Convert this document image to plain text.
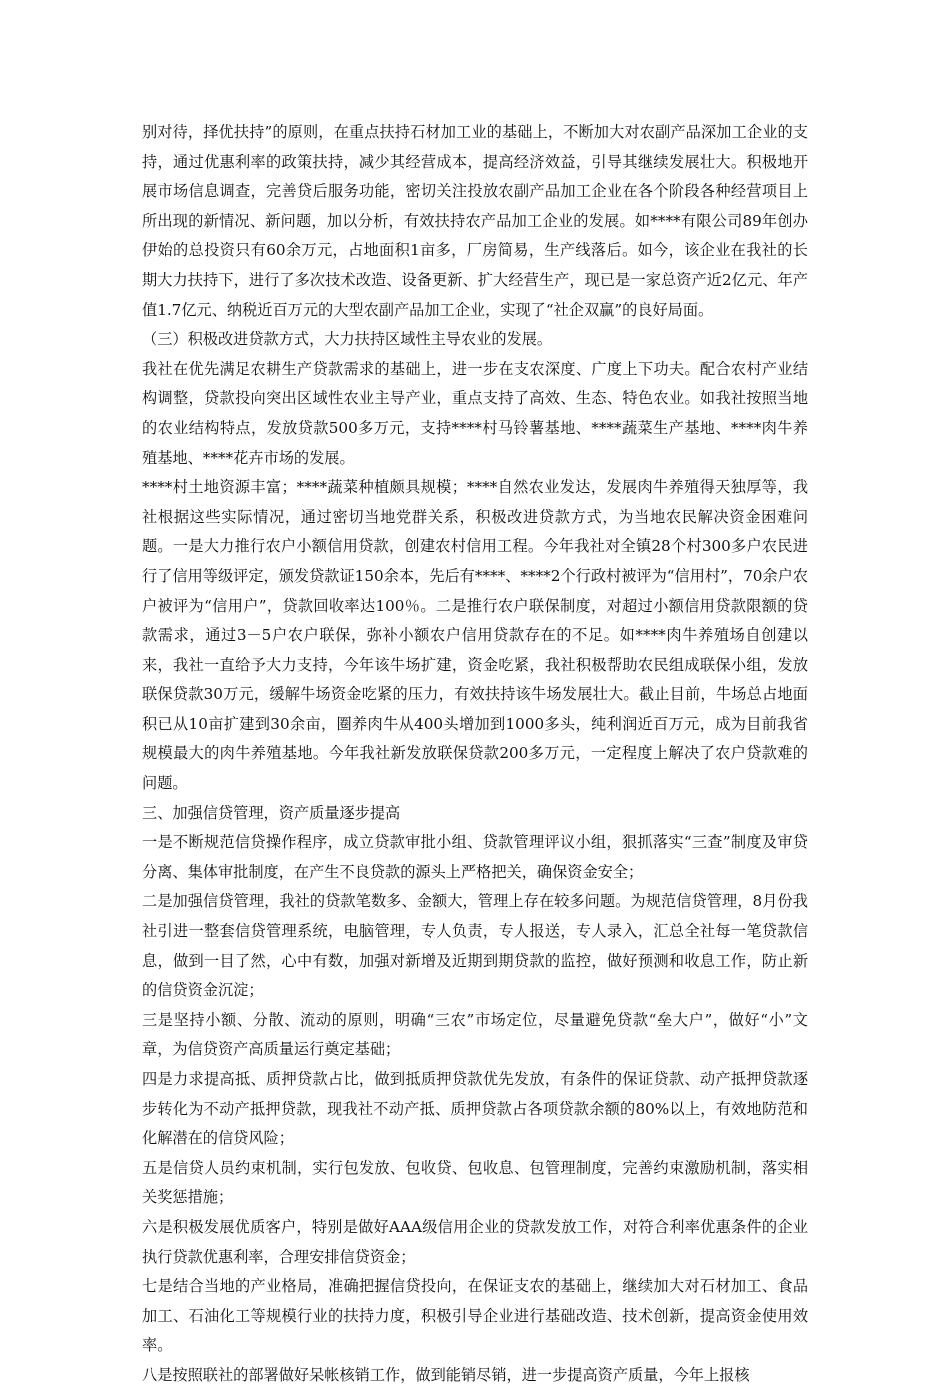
别对待，择优扶持”的原则，在重点扶持石材加工业的基础上，不断加大对农副产品深加工企业的支持，通过优惠利率的政策扶持，减少其经营成本，提高经济效益，引导其继续发展壮大。积极地开展市场信息调查，完善贷后服务功能，密切关注投放农副产品加工企业在各个阶段各种经营项目上所出现的新情况、新问题，加以分析，有效扶持农产品加工企业的发展。如****有限公司89年创办伊始的总投资只有60余万元，占地面积1亩多，厂房简易，生产线落后。如今，该企业在我社的长期大力扶持下，进行了多次技术改造、设备更新、扩大经营生产，现已是一家总资产近2亿元、年产值1.7亿元、纳税近百万元的大型农副产品加工企业，实现了“社企双赢”的良好局面。

（三）积极改进贷款方式，大力扶持区域性主导农业的发展。

我社在优先满足农耕生产贷款需求的基础上，进一步在支农深度、广度上下功夫。配合农村产业结构调整，贷款投向突出区域性农业主导产业，重点支持了高效、生态、特色农业。如我社按照当地的农业结构特点，发放贷款500多万元，支持****村马铃薯基地、****蔬菜生产基地、****肉牛养殖基地、****花卉市场的发展。

****村土地资源丰富；****蔬菜种植颇具规模；****自然农业发达，发展肉牛养殖得天独厚等，我社根据这些实际情况，通过密切当地党群关系，积极改进贷款方式，为当地农民解决资金困难问题。一是大力推行农户小额信用贷款，创建农村信用工程。今年我社对全镇28个村300多户农民进行了信用等级评定，颁发贷款证150余本，先后有****、****2个行政村被评为“信用村”，70余户农户被评为“信用户”，贷款回收率达100％。二是推行农户联保制度，对超过小额信用贷款限额的贷款需求，通过3－5户农户联保，弥补小额农户信用贷款存在的不足。如****肉牛养殖场自创建以来，我社一直给予大力支持，今年该牛场扩建，资金吃紧，我社积极帮助农民组成联保小组，发放联保贷款30万元，缓解牛场资金吃紧的压力，有效扶持该牛场发展壮大。截止目前，牛场总占地面积已从10亩扩建到30余亩，圈养肉牛从400头增加到1000多头，纯利润近百万元，成为目前我省规模最大的肉牛养殖基地。今年我社新发放联保贷款200多万元，一定程度上解决了农户贷款难的问题。

三、加强信贷管理，资产质量逐步提高

一是不断规范信贷操作程序，成立贷款审批小组、贷款管理评议小组，狠抓落实“三查”制度及审贷分离、集体审批制度，在产生不良贷款的源头上严格把关，确保资金安全；

二是加强信贷管理，我社的贷款笔数多、金额大，管理上存在较多问题。为规范信贷管理，8月份我社引进一整套信贷管理系统，电脑管理，专人负责，专人报送，专人录入，汇总全社每一笔贷款信息，做到一目了然，心中有数，加强对新增及近期到期贷款的监控，做好预测和收息工作，防止新的信贷资金沉淀；

三是坚持小额、分散、流动的原则，明确“三农”市场定位，尽量避免贷款“垒大户”，做好“小”文章，为信贷资产高质量运行奠定基础；

四是力求提高抵、质押贷款占比，做到抵质押贷款优先发放，有条件的保证贷款、动产抵押贷款逐步转化为不动产抵押贷款，现我社不动产抵、质押贷款占各项贷款余额的80%以上，有效地防范和化解潜在的信贷风险；

五是信贷人员约束机制，实行包发放、包收贷、包收息、包管理制度，完善约束激励机制，落实相关奖惩措施；

六是积极发展优质客户，特别是做好AAA级信用企业的贷款发放工作，对符合利率优惠条件的企业执行贷款优惠利率，合理安排信贷资金；

七是结合当地的产业格局，准确把握信贷投向，在保证支农的基础上，继续加大对石材加工、食品加工、石油化工等规模行业的扶持力度，积极引导企业进行基础改造、技术创新，提高资金使用效率。

八是按照联社的部署做好呆帐核销工作，做到能销尽销，进一步提高资产质量，今年上报核
